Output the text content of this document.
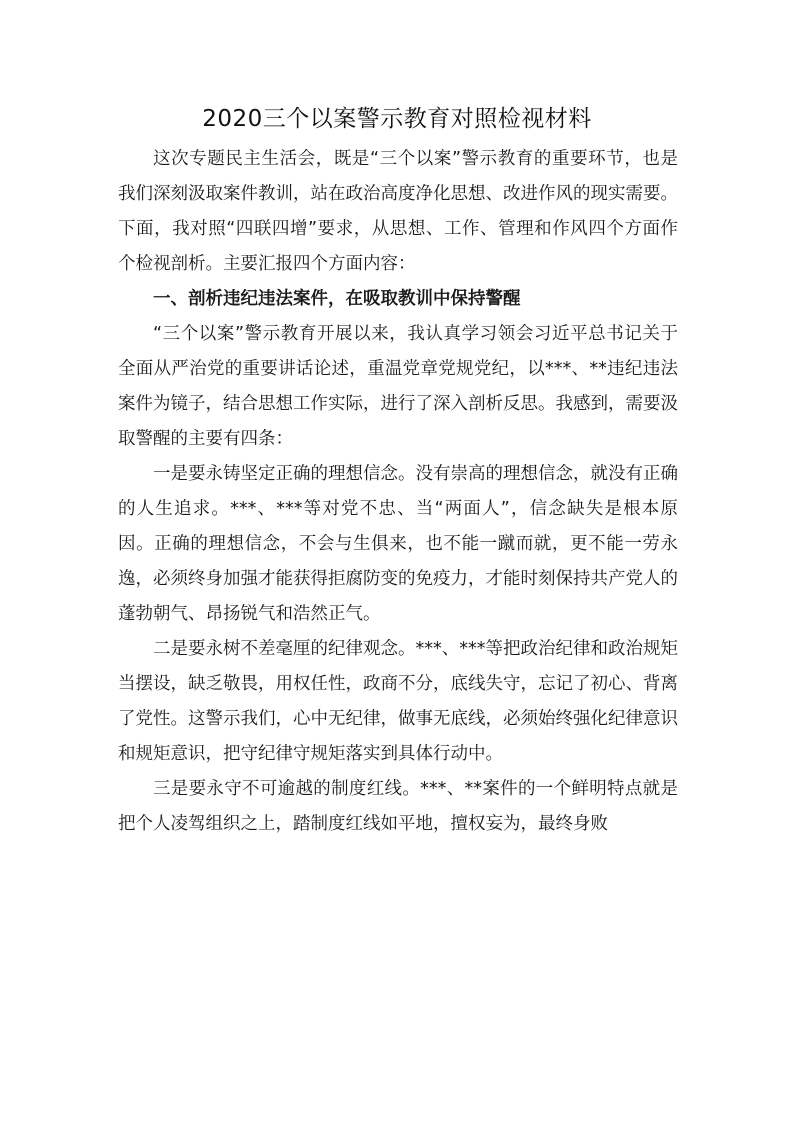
2020三个以案警示教育对照检视材料

这次专题民主生活会，既是“三个以案”警示教育的重要环节，也是我们深刻汲取案件教训，站在政治高度净化思想、改进作风的现实需要。下面，我对照“四联四增”要求，从思想、工作、管理和作风四个方面作个检视剖析。主要汇报四个方面内容：

一、剖析违纪违法案件，在吸取教训中保持警醒

“三个以案”警示教育开展以来，我认真学习领会习近平总书记关于全面从严治党的重要讲话论述，重温党章党规党纪，以***、**违纪违法案件为镜子，结合思想工作实际，进行了深入剖析反思。我感到，需要汲取警醒的主要有四条：

一是要永铸坚定正确的理想信念。没有崇高的理想信念，就没有正确的人生追求。***、***等对党不忠、当“两面人”，信念缺失是根本原因。正确的理想信念，不会与生俱来，也不能一蹴而就，更不能一劳永逸，必须终身加强才能获得拒腐防变的免疫力，才能时刻保持共产党人的蓬勃朝气、昂扬锐气和浩然正气。

二是要永树不差毫厘的纪律观念。***、***等把政治纪律和政治规矩当摆设，缺乏敬畏，用权任性，政商不分，底线失守，忘记了初心、背离了党性。这警示我们，心中无纪律，做事无底线，必须始终强化纪律意识和规矩意识，把守纪律守规矩落实到具体行动中。

三是要永守不可逾越的制度红线。***、**案件的一个鲜明特点就是把个人凌驾组织之上，踏制度红线如平地，擅权妄为，最终身败
